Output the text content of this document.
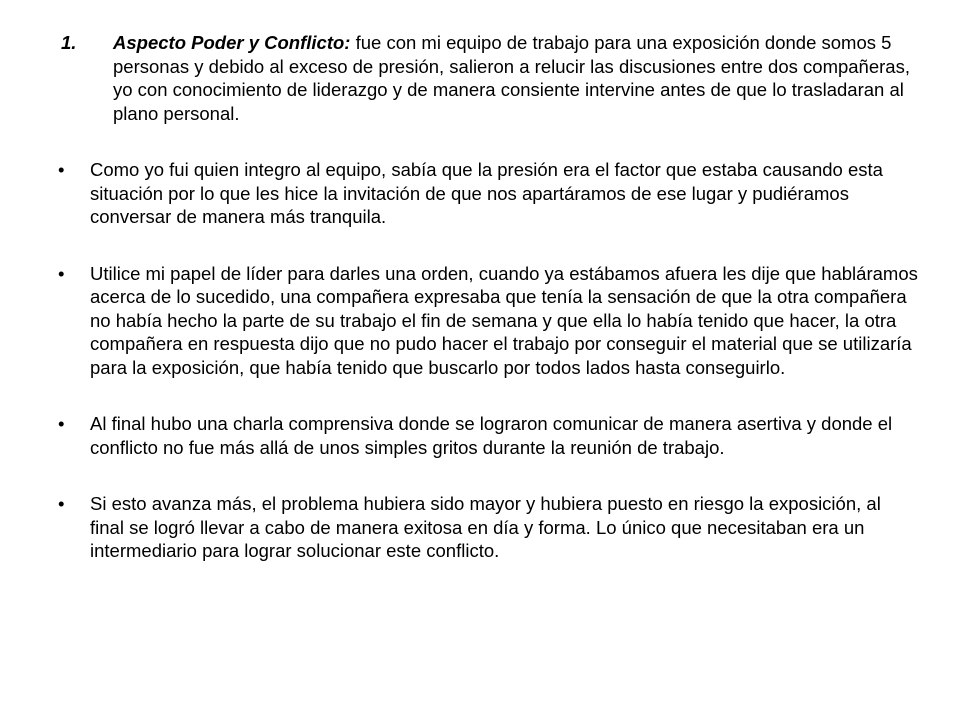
1. Aspecto Poder y Conflicto: fue con mi equipo de trabajo para una exposición donde somos 5 personas y debido al exceso de presión, salieron a relucir las discusiones entre dos compañeras, yo con conocimiento de liderazgo y de manera consiente intervine antes de que lo trasladaran al plano personal.
• Como yo fui quien integro al equipo, sabía que la presión era el factor que estaba causando esta situación por lo que les hice la invitación de que nos apartáramos de ese lugar y pudiéramos conversar de manera más tranquila.
• Utilice mi papel de líder para darles una orden, cuando ya estábamos afuera les dije que habláramos acerca de lo sucedido, una compañera expresaba que tenía la sensación de que la otra compañera no había hecho la parte de su trabajo el fin de semana y que ella lo había tenido que hacer, la otra compañera en respuesta dijo que no pudo hacer el trabajo por conseguir el material que se utilizaría para la exposición, que había tenido que buscarlo por todos lados hasta conseguirlo.
• Al final hubo una charla comprensiva donde se lograron comunicar de manera asertiva y donde el conflicto no fue más allá de unos simples gritos durante la reunión de trabajo.
• Si esto avanza más, el problema hubiera sido mayor y hubiera puesto en riesgo la exposición, al final se logró llevar a cabo de manera exitosa en día y forma. Lo único que necesitaban era un intermediario para lograr solucionar este conflicto.
